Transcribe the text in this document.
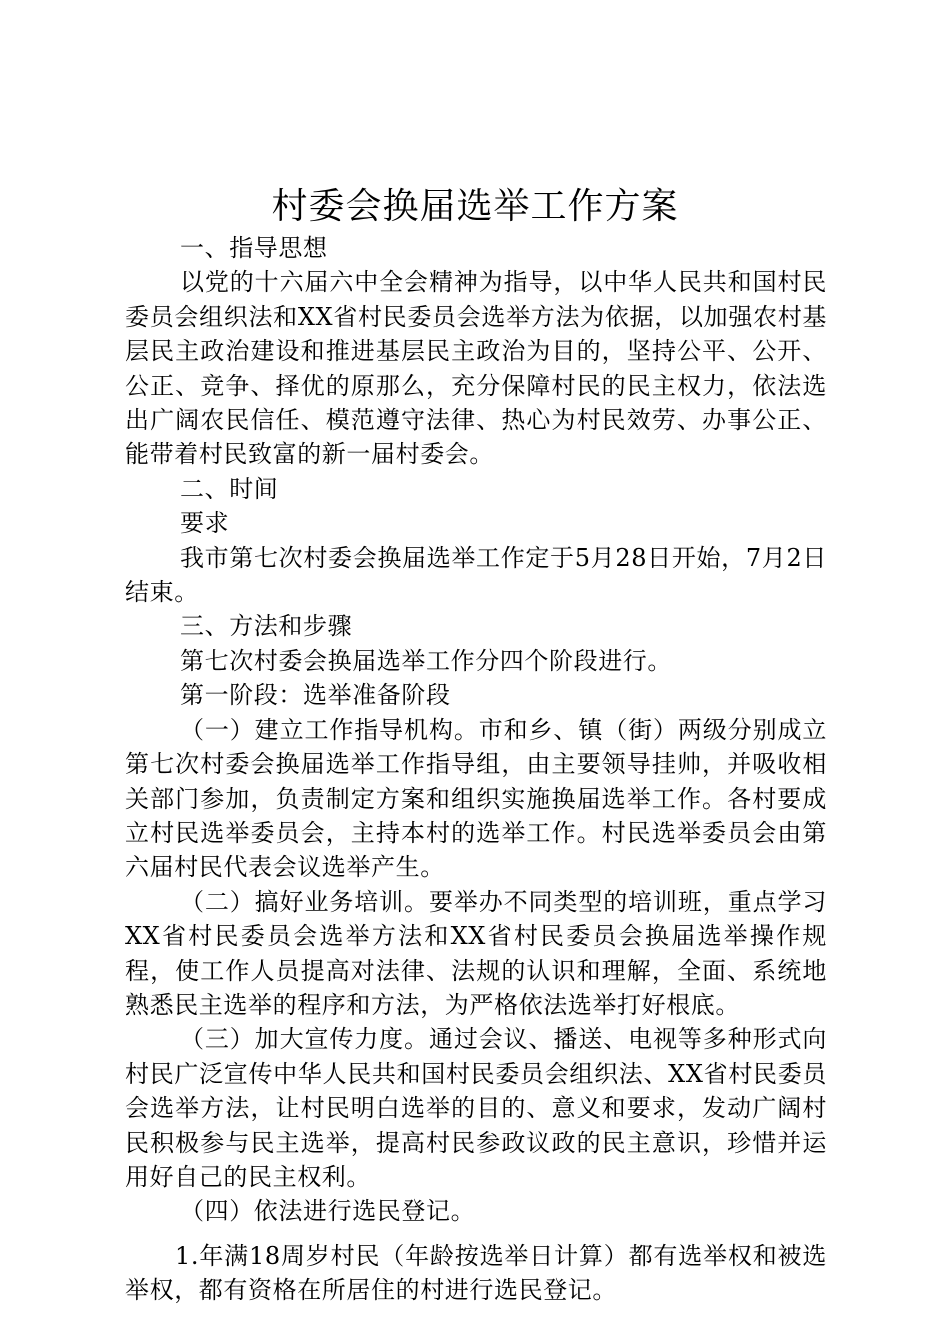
村委会换届选举工作方案

一、指导思想

以党的十六届六中全会精神为指导，以中华人民共和国村民委员会组织法和XX省村民委员会选举方法为依据，以加强农村基层民主政治建设和推进基层民主政治为目的，坚持公平、公开、公正、竞争、择优的原那么，充分保障村民的民主权力，依法选出广阔农民信任、模范遵守法律、热心为村民效劳、办事公正、能带着村民致富的新一届村委会。

二、时间

要求

我市第七次村委会换届选举工作定于5月28日开始，7月2日结束。

三、方法和步骤

第七次村委会换届选举工作分四个阶段进行。

第一阶段：选举准备阶段

（一）建立工作指导机构。市和乡、镇（街）两级分别成立第七次村委会换届选举工作指导组，由主要领导挂帅，并吸收相关部门参加，负责制定方案和组织实施换届选举工作。各村要成立村民选举委员会，主持本村的选举工作。村民选举委员会由第六届村民代表会议选举产生。

（二）搞好业务培训。要举办不同类型的培训班，重点学习XX省村民委员会选举方法和XX省村民委员会换届选举操作规程，使工作人员提高对法律、法规的认识和理解，全面、系统地熟悉民主选举的程序和方法，为严格依法选举打好根底。

（三）加大宣传力度。通过会议、播送、电视等多种形式向村民广泛宣传中华人民共和国村民委员会组织法、XX省村民委员会选举方法，让村民明白选举的目的、意义和要求，发动广阔村民积极参与民主选举，提高村民参政议政的民主意识，珍惜并运用好自己的民主权利。

（四）依法进行选民登记。

1.年满18周岁村民（年龄按选举日计算）都有选举权和被选举权，都有资格在所居住的村进行选民登记。
